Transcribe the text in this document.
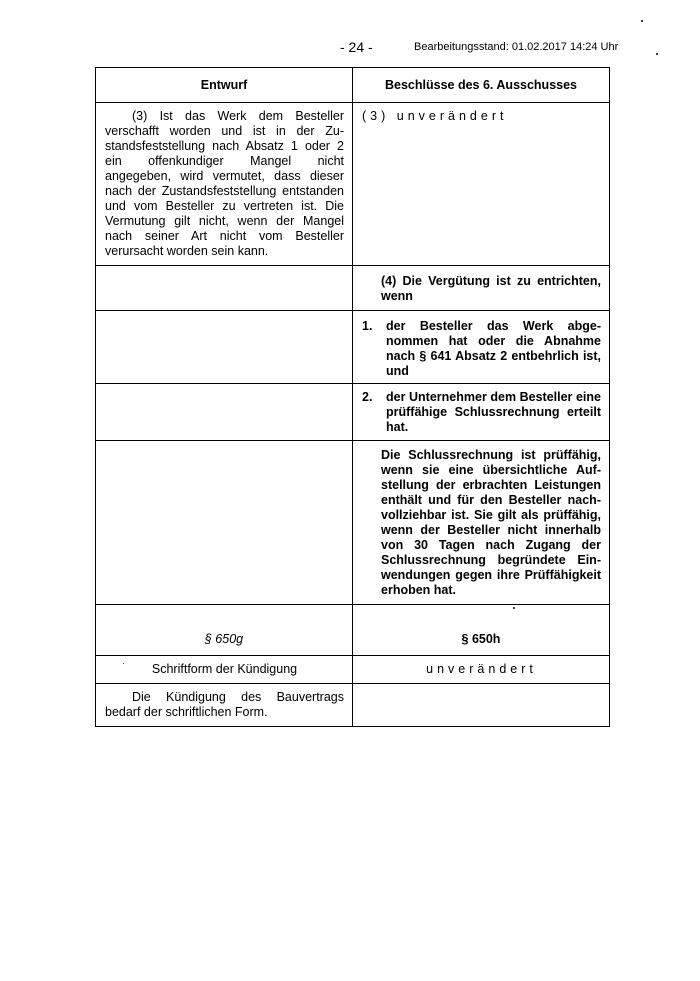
- 24 -	Bearbeitungsstand: 01.02.2017 14:24 Uhr
Entwurf	Beschlüsse des 6. Ausschusses

(3) Ist das Werk dem Besteller verschafft worden und ist in der Zustandsfeststellung nach Absatz 1 oder 2 ein offenkundiger Mangel nicht angegeben, wird vermutet, dass dieser nach der Zustandsfeststellung entstanden und vom Besteller zu vertreten ist. Die Vermutung gilt nicht, wenn der Mangel nach seiner Art nicht vom Besteller verursacht worden sein kann.	(3) unverändert

	(4) Die Vergütung ist zu entrichten, wenn

	1. der Besteller das Werk abgenommen hat oder die Abnahme nach § 641 Absatz 2 entbehrlich ist, und

	2. der Unternehmer dem Besteller eine prüffähige Schlussrechnung erteilt hat.

	Die Schlussrechnung ist prüffähig, wenn sie eine übersichtliche Aufstellung der erbrachten Leistungen enthält und für den Besteller nachvollziehbar ist. Sie gilt als prüffähig, wenn der Besteller nicht innerhalb von 30 Tagen nach Zugang der Schlussrechnung begründete Einwendungen gegen ihre Prüffähigkeit erhoben hat.

§ 650g	§ 650h

Schriftform der Kündigung	unverändert

Die Kündigung des Bauvertrags bedarf der schriftlichen Form.	
